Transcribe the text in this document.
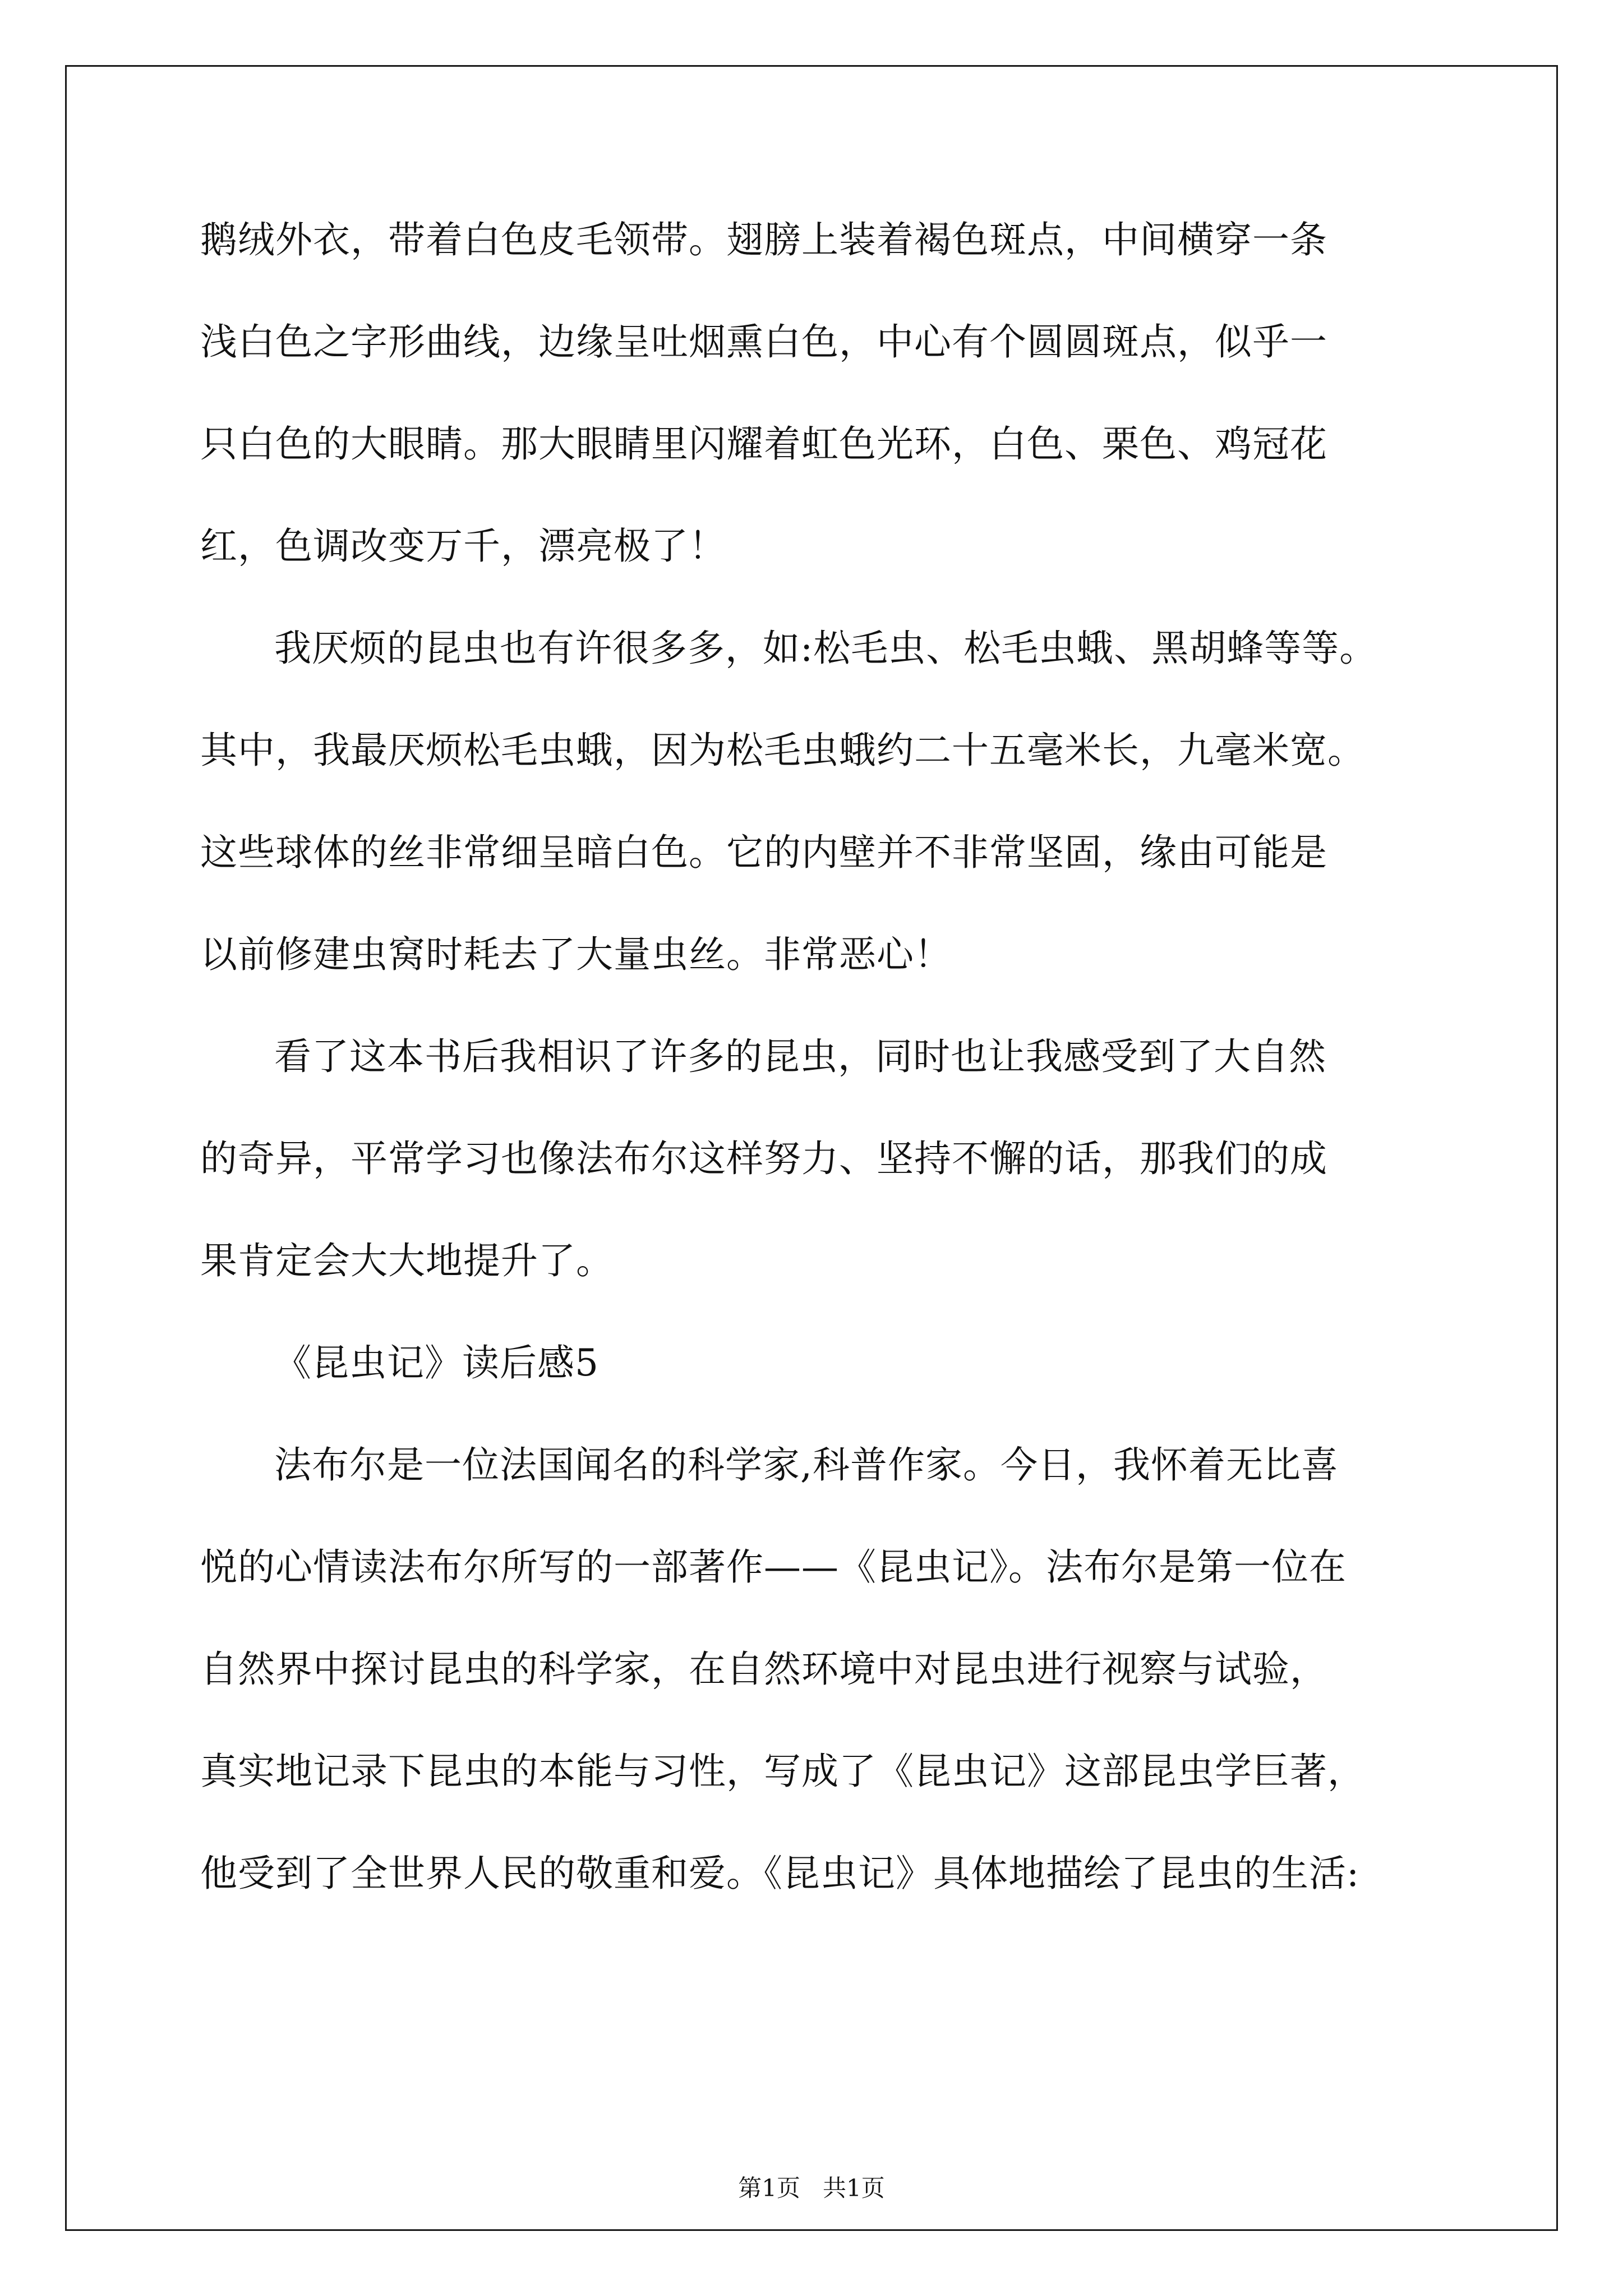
鹅绒外衣，带着白色皮毛领带。翅膀上装着褐色斑点，中间横穿一条
浅白色之字形曲线，边缘呈吐烟熏白色，中心有个圆圆斑点，似乎一
只白色的大眼睛。那大眼睛里闪耀着虹色光环，白色、栗色、鸡冠花
红，色调改变万千，漂亮极了！
我厌烦的昆虫也有许很多多，如:松毛虫、松毛虫蛾、黑胡蜂等等。
其中，我最厌烦松毛虫蛾，因为松毛虫蛾约二十五毫米长，九毫米宽。
这些球体的丝非常细呈暗白色。它的内壁并不非常坚固，缘由可能是
以前修建虫窝时耗去了大量虫丝。非常恶心！
看了这本书后我相识了许多的昆虫，同时也让我感受到了大自然
的奇异，平常学习也像法布尔这样努力、坚持不懈的话，那我们的成
果肯定会大大地提升了。
《昆虫记》读后感5
法布尔是一位法国闻名的科学家,科普作家。今日，我怀着无比喜
悦的心情读法布尔所写的一部著作——《昆虫记》。法布尔是第一位在
自然界中探讨昆虫的科学家，在自然环境中对昆虫进行视察与试验，
真实地记录下昆虫的本能与习性，写成了《昆虫记》这部昆虫学巨著，
他受到了全世界人民的敬重和爱。《昆虫记》具体地描绘了昆虫的生活:
第1页   共1页
